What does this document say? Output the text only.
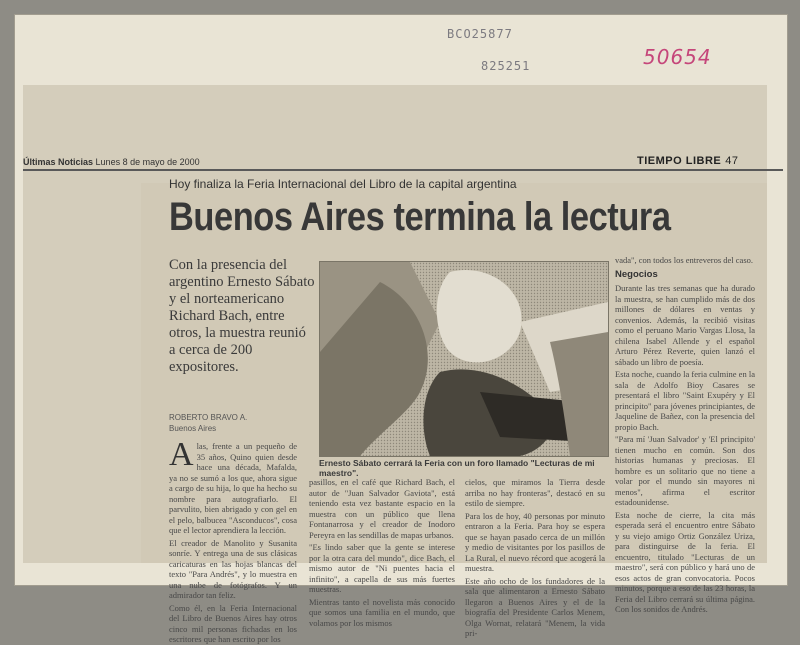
BCO25877
825251	50654
Últimas Noticias Lunes 8 de mayo de 2000	TIEMPO LIBRE 47
Hoy finaliza la Feria Internacional del Libro de la capital argentina
Buenos Aires termina la lectura
Con la presencia del argentino Ernesto Sábato y el norteamericano Richard Bach, entre otros, la muestra reunió a cerca de 200 expositores.
ROBERTO BRAVO A.
Buenos Aires
Ernesto Sábato cerrará la Feria con un foro llamado "Lecturas de mi maestro".

Alas, frente a un pequeño de 35 años, Quino quien desde hace una década, Mafalda, ya no se sumó a los que, ahora sigue a cargo de su hija, lo que ha hecho su nombre para autografiarlo. El parvulito, bien abrigado y con gel en el pelo, balbucea "Asconducos", cosa que el lector aprendiera la lección.

El creador de Manolito y Susanita sonríe. Y entrega una de sus clásicas caricaturas en las hojas blancas del texto "Para Andrés", y lo muestra en una nube de fotógrafos. Y un admirador tan feliz.

Como él, en la Feria Internacional del Libro de Buenos Aires hay otros cinco mil personas fichadas en los escritores que han escrito por los

pasillos, en el café que Richard Bach, el autor de "Juan Salvador Gaviota", está teniendo esta vez bastante espacio en la muestra con un público que llena Fontanarrosa y el creador de Inodoro Pereyra en las sendillas de mapas urbanos.

"Es lindo saber que la gente se interese por la otra cara del mundo", dice Bach, el mismo autor de "Ni puentes hacia el infinito", a capella de sus más fuertes muestras.

Mientras tanto el novelista más conocido que somos una familia en el mundo, que volamos por los mismos

cielos, que miramos la Tierra desde arriba no hay fronteras", destacó en su estilo de siempre.

Para los de hoy, 40 personas por minuto entraron a la Feria. Para hoy se espera que se hayan pasado cerca de un millón y medio de visitantes por los pasillos de La Rural, el nuevo récord que acogerá la muestra.

Este año ocho de los fundadores de la sala que alimentaron a Ernesto Sábato llegaron a Buenos Aires y el de la biografía del Presidente Carlos Menem, Olga Wornat, relatará "Menem, la vida pri-

vada", con todos los entreveros del caso.

Negocios

Durante las tres semanas que ha durado la muestra, se han cumplido más de dos millones de dólares en ventas y convenios. Además, la recibió visitas como el peruano Mario Vargas Llosa, la chilena Isabel Allende y el español Arturo Pérez Reverte, quien lanzó el sábado un libro de poesía.

Esta noche, cuando la feria culmine en la sala de Adolfo Bioy Casares se presentará el libro "Saint Exupéry y El principito" para jóvenes principiantes, de Jaqueline de Bañez, con la presencia del propio Bach.

"Para mí 'Juan Salvador' y 'El principito' tienen mucho en común. Son dos historias humanas y preciosas. El hombre es un solitario que no tiene a volar por el mundo sin mayores ni menos", afirma el escritor estadounidense.

Esta noche de cierre, la cita más esperada será el encuentro entre Sábato y su viejo amigo Ortiz González Uriza, para distinguirse de la feria. El encuentro, titulado "Lecturas de un maestro", será con público y hará uno de esos actos de gran convocatoria. Pocos minutos, porque a eso de las 23 horas, la Feria del Libro cerrará su última página. Con los sonidos de Andrés.
